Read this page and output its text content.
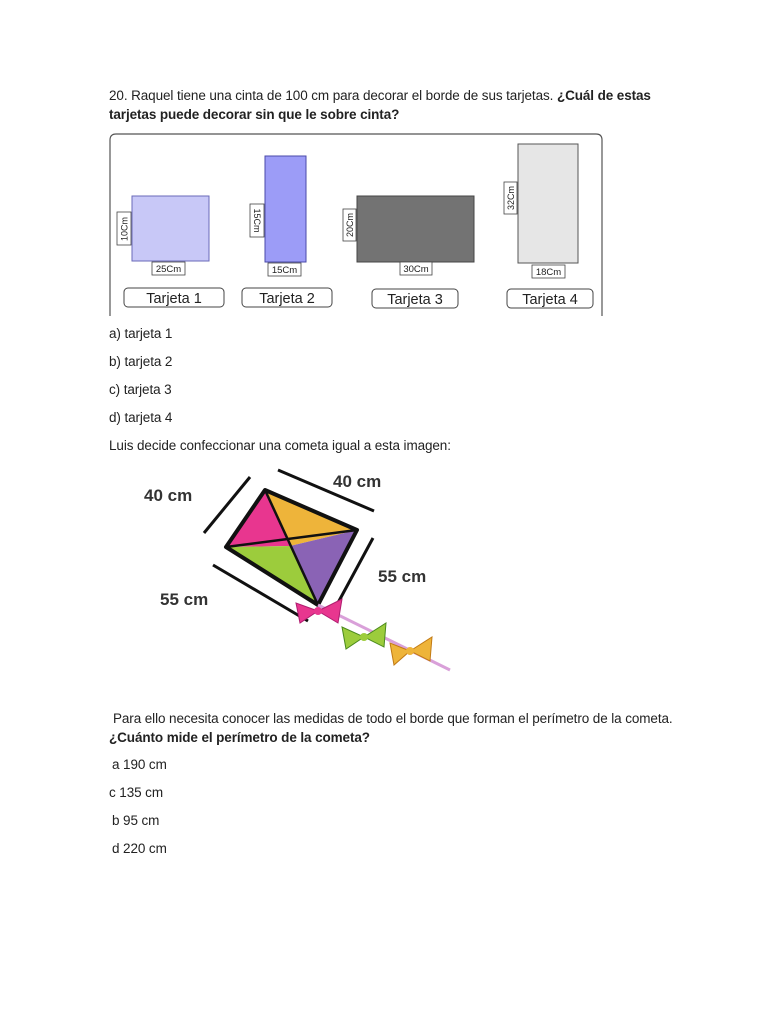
20. Raquel tiene una cinta de 100 cm para decorar el borde de sus tarjetas. ¿Cuál de estas
tarjetas puede decorar sin que le sobre cinta?
10Cm
25Cm
Tarjeta 1
15Cm
15Cm
Tarjeta 2
20Cm
30Cm
Tarjeta 3
32Cm
18Cm
Tarjeta 4
a) tarjeta 1
b) tarjeta 2
c) tarjeta 3
d) tarjeta 4
Luis decide confeccionar una cometa igual a esta imagen:
40 cm
40 cm
55 cm
55 cm
Para ello necesita conocer las medidas de todo el borde que forman el perímetro de la cometa.
¿Cuánto mide el perímetro de la cometa?
a 190 cm
c 135 cm
b 95 cm
d 220 cm
